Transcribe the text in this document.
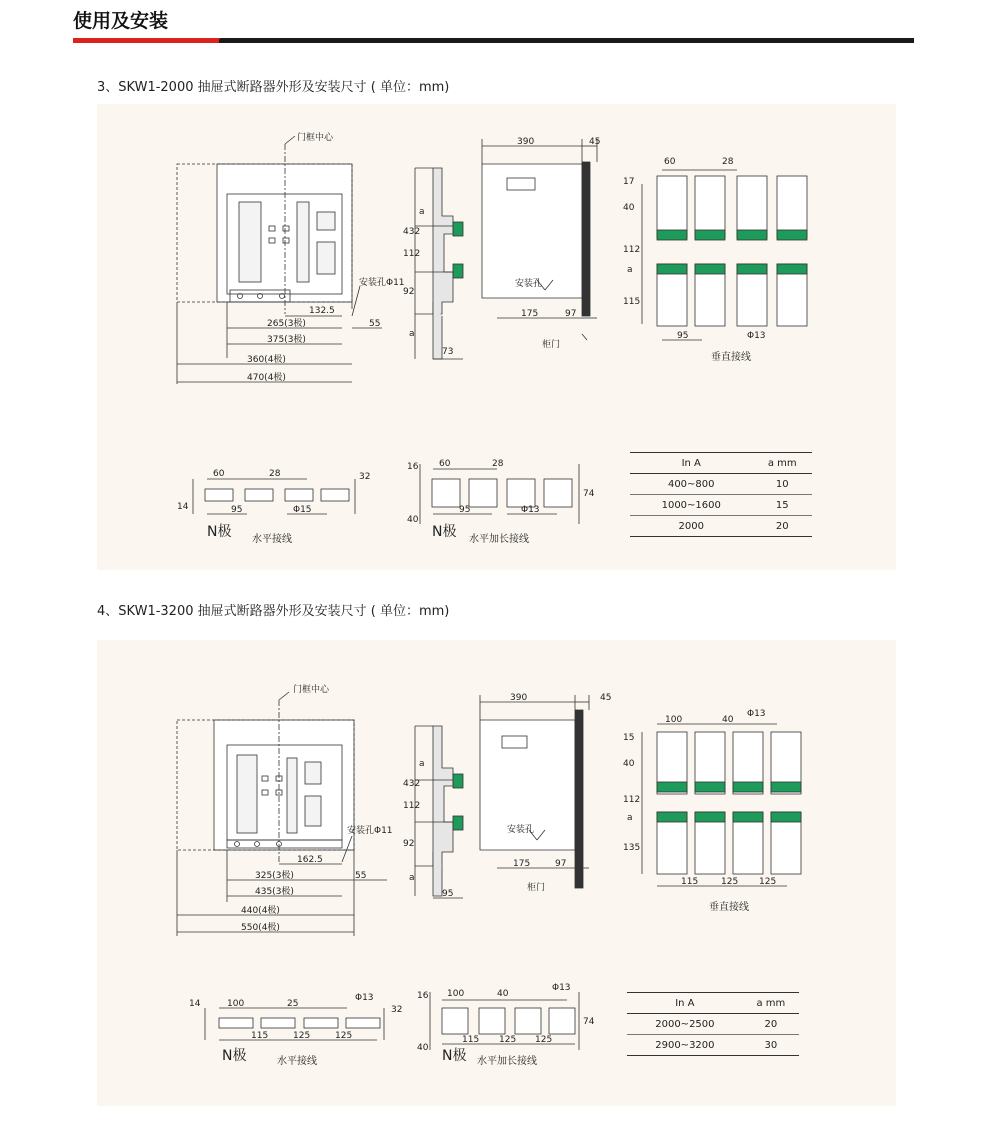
使用及安装
3、SKW1-2000 抽屉式断路器外形及安装尺寸 ( 单位：mm)
门框中心
安装孔Φ11
132.5
265(3极)
375(3极)
55
360(4极)
470(4极)
390	45
432
112
92
a
a
安装孔
175	97
73
柜门
60	28
17
40
112
a
115
95	Φ13
垂直接线
60	28	32
14	95	Φ15
N极 水平接线
16
40
60	28
74
95	Φ13
N极 水平加长接线
In A	a mm
400~800	10
1000~1600	15
2000	20
4、SKW1-3200 抽屉式断路器外形及安装尺寸 ( 单位：mm)
门框中心
安装孔Φ11
162.5
325(3极)
435(3极)
55
440(4极)
550(4极)
390	45
432
112
92
a
a
安装孔
175	97
95
柜门
100	40
Φ13
15
40
112
a
135
115	125 125
垂直接线
14	100	25
Φ13
32
115	125	125
N极	水平接线
16
40
100	40
Φ13
74
115 125 125
N极 水平加长接线
In A	a mm
2000~2500	20
2900~3200	30
